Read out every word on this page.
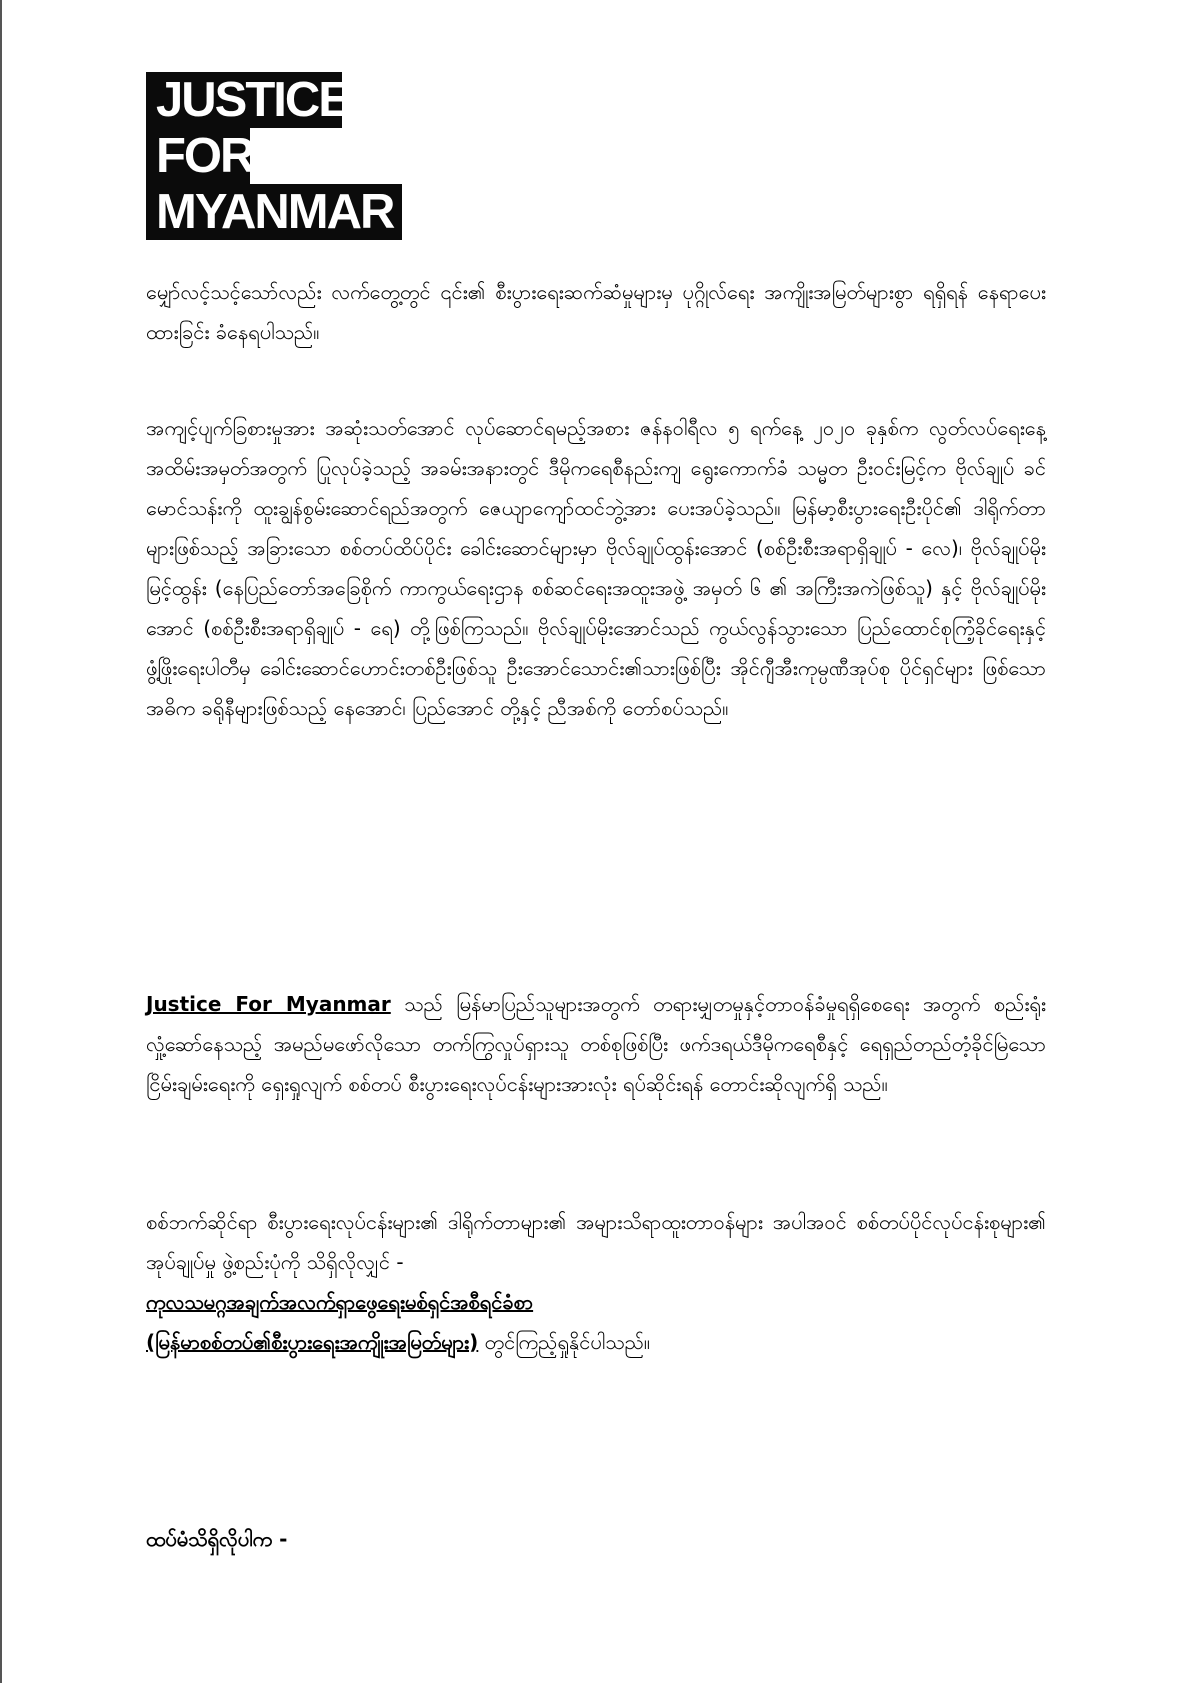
JUSTICE
FOR
MYANMAR

မျှော်လင့်သင့်သော်လည်း လက်တွေ့တွင် ၎င်း၏ စီးပွားရေးဆက်ဆံမှုများမှ ပုဂ္ဂိုလ်ရေး အကျိုးအမြတ်များစွာ ရရှိရန် နေရာပေးထားခြင်း ခံနေရပါသည်။

အကျင့်ပျက်ခြစားမှုအား အဆုံးသတ်အောင် လုပ်ဆောင်ရမည့်အစား ဇန်နဝါရီလ ၅ ရက်နေ့ ၂၀၂၀ ခုနှစ်က လွတ်လပ်ရေးနေ့အထိမ်းအမှတ်အတွက် ပြုလုပ်ခဲ့သည့် အခမ်းအနားတွင် ဒီမိုကရေစီနည်းကျ ရွေးကောက်ခံ သမ္မတ ဦးဝင်းမြင့်က ဗိုလ်ချုပ် ခင်မောင်သန်းကို ထူးချွန်စွမ်းဆောင်ရည်အတွက် ဇေယျာကျော်ထင်ဘွဲ့အား ပေးအပ်ခဲ့သည်။ မြန်မာ့စီးပွားရေးဦးပိုင်၏ ဒါရိုက်တာများဖြစ်သည့် အခြားသော စစ်တပ်ထိပ်ပိုင်း ခေါင်းဆောင်များမှာ ဗိုလ်ချုပ်ထွန်းအောင် (စစ်ဦးစီးအရာရှိချုပ် - လေ)၊ ဗိုလ်ချုပ်မိုးမြင့်ထွန်း (နေပြည်တော်အခြေစိုက် ကာကွယ်ရေးဌာန စစ်ဆင်ရေးအထူးအဖွဲ့ အမှတ် ၆ ၏ အကြီးအကဲဖြစ်သူ) နှင့် ဗိုလ်ချုပ်မိုးအောင် (စစ်ဦးစီးအရာရှိချုပ် - ရေ) တို့ဖြစ်ကြသည်။ ဗိုလ်ချုပ်မိုးအောင်သည် ကွယ်လွန်သွားသော ပြည်ထောင်စုကြံ့ခိုင်ရေးနှင့် ဖွံ့ဖြိုးရေးပါတီမှ ခေါင်းဆောင်ဟောင်းတစ်ဦးဖြစ်သူ ဦးအောင်သောင်း၏သားဖြစ်ပြီး အိုင်ဂျီအီးကုမ္ပဏီအုပ်စု ပိုင်ရှင်များ ဖြစ်သော အဓိက ခရိုနီများဖြစ်သည့် နေအောင်၊ ပြည်အောင် တို့နှင့် ညီအစ်ကို တော်စပ်သည်။

Justice For Myanmar သည် မြန်မာပြည်သူများအတွက် တရားမျှတမှုနှင့်တာဝန်ခံမှုရရှိစေရေး အတွက် စည်းရုံးလှုံ့ဆော်နေသည့် အမည်မဖော်လိုသော တက်ကြွလှုပ်ရှားသူ တစ်စုဖြစ်ပြီး ဖက်ဒရယ်ဒီမိုကရေစီနှင့် ရေရှည်တည်တံ့ခိုင်မြဲသော ငြိမ်းချမ်းရေးကို ရှေးရှုလျက် စစ်တပ် စီးပွားရေးလုပ်ငန်းများအားလုံး ရပ်ဆိုင်းရန် တောင်းဆိုလျက်ရှိ သည်။

စစ်ဘက်ဆိုင်ရာ စီးပွားရေးလုပ်ငန်းများ၏ ဒါရိုက်တာများ၏ အများသိရာထူးတာဝန်များ အပါအဝင် စစ်တပ်ပိုင်လုပ်ငန်းစုများ၏ အုပ်ချုပ်မှု ဖွဲ့စည်းပုံကို သိရှိလိုလျှင် -
ကုလသမဂ္ဂအချက်အလက်ရှာဖွေရေးမစ်ရှင်အစီရင်ခံစာ
(မြန်မာစစ်တပ်၏စီးပွားရေးအကျိုးအမြတ်များ) တွင်ကြည့်ရှုနိုင်ပါသည်။

ထပ်မံသိရှိလိုပါက -
